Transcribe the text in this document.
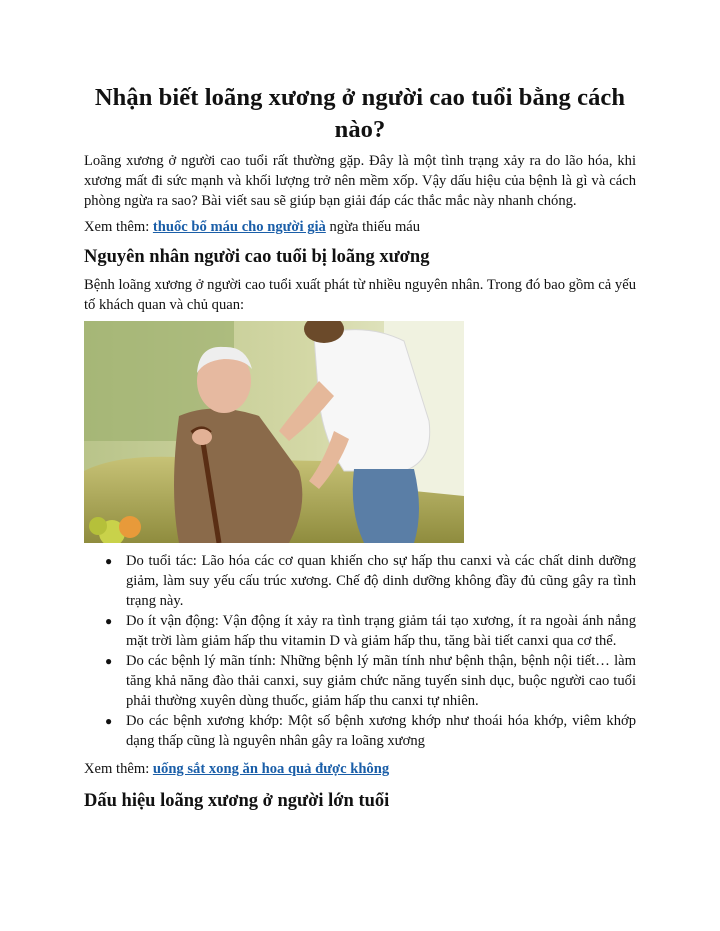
Nhận biết loãng xương ở người cao tuổi bằng cách nào?

Loãng xương ở người cao tuổi rất thường gặp. Đây là một tình trạng xảy ra do lão hóa, khi xương mất đi sức mạnh và khối lượng trở nên mềm xốp. Vậy dấu hiệu của bệnh là gì và cách phòng ngừa ra sao? Bài viết sau sẽ giúp bạn giải đáp các thắc mắc này nhanh chóng.

Xem thêm: thuốc bổ máu cho người già ngừa thiếu máu

Nguyên nhân người cao tuổi bị loãng xương

Bệnh loãng xương ở người cao tuổi xuất phát từ nhiều nguyên nhân. Trong đó bao gồm cả yếu tố khách quan và chủ quan:

● Do tuổi tác: Lão hóa các cơ quan khiến cho sự hấp thu canxi và các chất dinh dưỡng giảm, làm suy yếu cấu trúc xương. Chế độ dinh dưỡng không đầy đủ cũng gây ra tình trạng này.
● Do ít vận động: Vận động ít xảy ra tình trạng giảm tái tạo xương, ít ra ngoài ánh nắng mặt trời làm giảm hấp thu vitamin D và giảm hấp thu, tăng bài tiết canxi qua cơ thể.
● Do các bệnh lý mãn tính: Những bệnh lý mãn tính như bệnh thận, bệnh nội tiết… làm tăng khả năng đào thải canxi, suy giảm chức năng tuyến sinh dục, buộc người cao tuổi phải thường xuyên dùng thuốc, giảm hấp thu canxi tự nhiên.
● Do các bệnh xương khớp: Một số bệnh xương khớp như thoái hóa khớp, viêm khớp dạng thấp cũng là nguyên nhân gây ra loãng xương

Xem thêm: uống sắt xong ăn hoa quả được không

Dấu hiệu loãng xương ở người lớn tuổi
